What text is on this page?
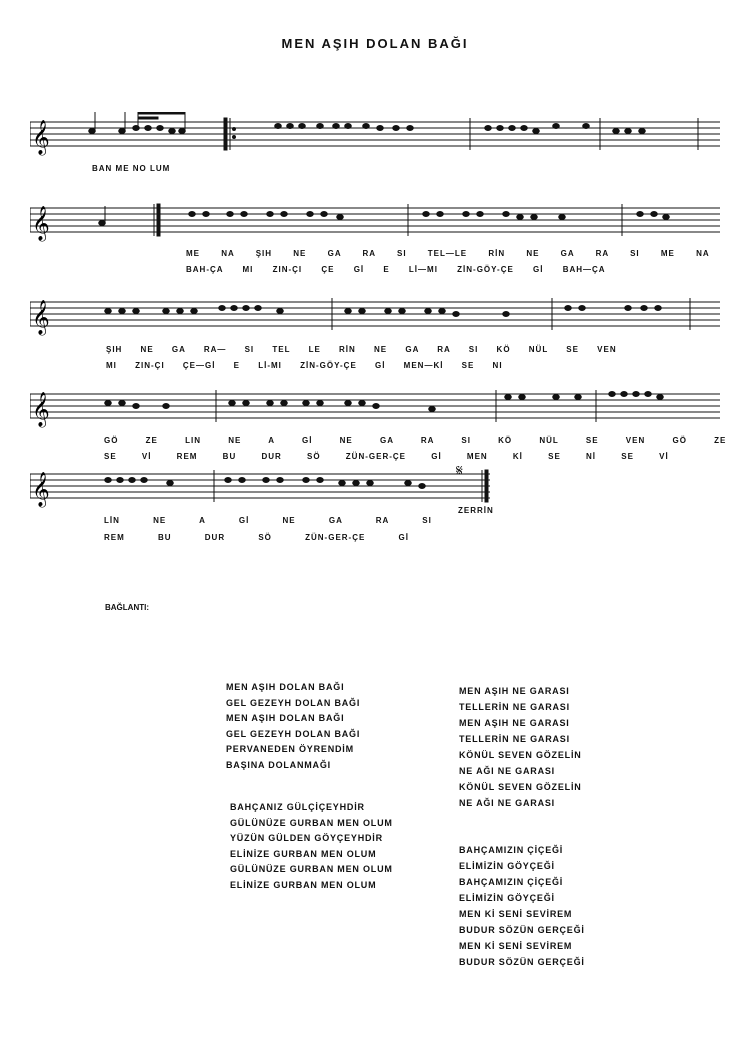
MEN AŞIH DOLAN BAĞI
𝄞
BAN ME NO LUM
𝄞
ME NA ŞIH NE GA RA SI TEL—LE RİN NE GA RA SI ME NA
BAH-ÇA MI ZIN-ÇI ÇE Gİ E Lİ—MI ZİN-GÖY-ÇE Gİ BAH—ÇA
𝄞
ŞIH NE GA RA— SI TEL LE RİN NE GA RA SI KÖ NÜL SE VEN
MI ZIN-ÇI ÇE—Gİ E Lİ-MI ZİN-GÖY-ÇE Gİ MEN—Kİ SE NI
𝄞
GÖ ZE LIN NE A Gİ NE GA RA SI KÖ NÜL SE VEN GÖ ZE
SE Vİ REM BU DUR SÖ ZÜN-GER-ÇE Gİ MEN Kİ SE Nİ SE Vİ
𝄞
𝄋
LİN NE A Gİ NE GA RA SI
REM BU DUR SÖ ZÜN-GER-ÇE Gİ
ZERRİN
BAĞLANTI:
MEN AŞIH DOLAN BAĞI
GEL GEZEYH DOLAN BAĞI
MEN AŞIH DOLAN BAĞI
GEL GEZEYH DOLAN BAĞI
PERVANEDEN ÖYRENDİM
BAŞINA DOLANMAĞI
BAHÇANIZ GÜLÇİÇEYHDİR
GÜLÜNÜZE GURBAN MEN OLUM
YÜZÜN GÜLDEN GÖYÇEYHDİR
ELİNİZE GURBAN MEN OLUM
GÜLÜNÜZE GURBAN MEN OLUM
ELİNİZE GURBAN MEN OLUM
MEN AŞIH NE GARASI
TELLERİN NE GARASI
MEN AŞIH NE GARASI
TELLERİN NE GARASI
KÖNÜL SEVEN GÖZELİN
NE AĞI NE GARASI
KÖNÜL SEVEN GÖZELİN
NE AĞI NE GARASI
BAHÇAMIZIN ÇİÇEĞİ
ELİMİZİN GÖYÇEĞİ
BAHÇAMIZIN ÇİÇEĞİ
ELİMİZİN GÖYÇEĞİ
MEN Kİ SENİ SEVİREM
BUDUR SÖZÜN GERÇEĞİ
MEN Kİ SENİ SEVİREM
BUDUR SÖZÜN GERÇEĞİ
